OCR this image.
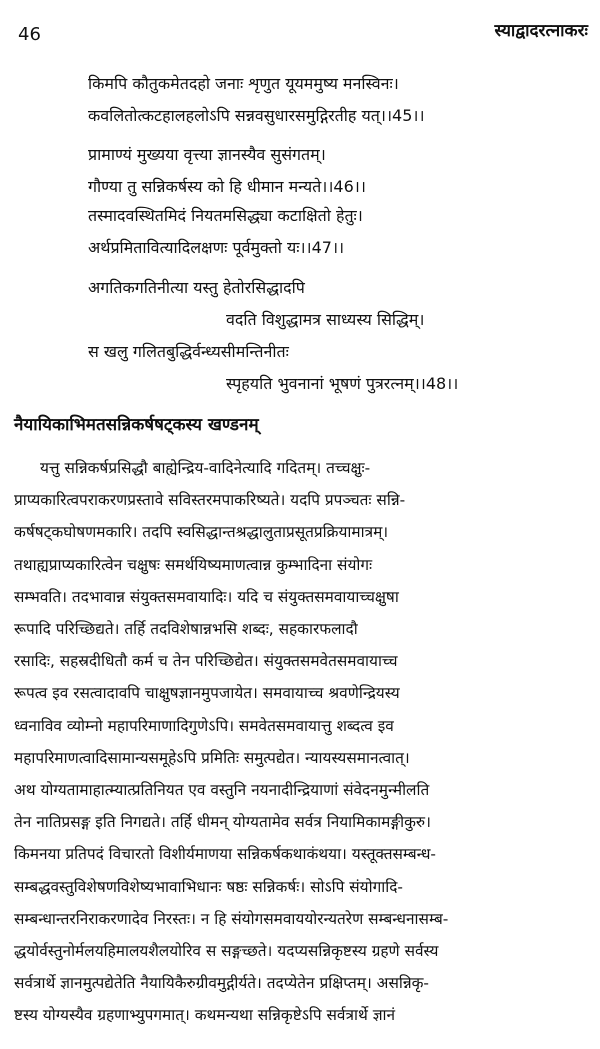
46	स्याद्वादरत्नाकरः
किमपि कौतुकमेतदहो जनाः शृणुत यूयममुष्य मनस्विनः।
कवलितोत्कटहालहलोऽपि सन्नवसुधारसमुद्गिरतीह यत्।।45।।
प्रामाण्यं मुख्यया वृत्त्या ज्ञानस्यैव सुसंगतम्।
गौण्या तु सन्निकर्षस्य को हि धीमान मन्यते।।46।।
तस्मादवस्थितमिदं नियतमसिद्ध्या कटाक्षितो हेतुः।
अर्थप्रमितावित्यादिलक्षणः पूर्वमुक्तो यः।।47।।
अगतिकगतिनीत्या यस्तु हेतोरसिद्धादपि
वदति विशुद्धामत्र साध्यस्य सिद्धिम्।
स खलु गलितबुद्धिर्वन्ध्यसीमन्तिनीतः
स्पृहयति भुवनानां भूषणं पुत्ररत्नम्।।48।।
नैयायिकाभिमतसन्निकर्षषट्कस्य खण्डनम्
यत्तु सन्निकर्षप्रसिद्धौ बाह्येन्द्रिय-वादिनेत्यादि गदितम्। तच्चक्षुः-
प्राप्यकारित्वपराकरणप्रस्तावे सविस्तरमपाकरिष्यते। यदपि प्रपञ्चतः सन्नि-
कर्षषट्कघोषणमकारि। तदपि स्वसिद्धान्तश्रद्धालुताप्रसूतप्रक्रियामात्रम्।
तथाह्यप्राप्यकारित्वेन चक्षुषः समर्थयिष्यमाणत्वान्न कुम्भादिना संयोगः
सम्भवति। तदभावान्न संयुक्तसमवायादिः। यदि च संयुक्तसमवायाच्चक्षुषा
रूपादि परिच्छिद्यते। तर्हि तदविशेषान्नभसि शब्दः, सहकारफलादौ
रसादिः, सहस्रदीधितौ कर्म च तेन परिच्छिद्येत। संयुक्तसमवेतसमवायाच्च
रूपत्व इव रसत्वादावपि चाक्षुषज्ञानमुपजायेत। समवायाच्च श्रवणेन्द्रियस्य
ध्वनाविव व्योम्नो महापरिमाणादिगुणेऽपि। समवेतसमवायात्तु शब्दत्व इव
महापरिमाणत्वादिसामान्यसमूहेऽपि प्रमितिः समुत्पद्येत। न्यायस्यसमानत्वात्।
अथ योग्यतामाहात्म्यात्प्रतिनियत एव वस्तुनि नयनादीन्द्रियाणां संवेदनमुन्मीलति
तेन नातिप्रसङ्ग इति निगद्यते। तर्हि धीमन् योग्यतामेव सर्वत्र नियामिकामङ्गीकुरु।
किमनया प्रतिपदं विचारतो विशीर्यमाणया सन्निकर्षकथाकंथया। यस्तूक्तसम्बन्ध-
सम्बद्धवस्तुविशेषणविशेष्यभावाभिधानः षष्ठः सन्निकर्षः। सोऽपि संयोगादि-
सम्बन्धान्तरनिराकरणादेव निरस्तः। न हि संयोगसमवाययोरन्यतरेण सम्बन्धनासम्ब-
द्धयोर्वस्तुनोर्मलयहिमालयशैलयोरिव स सङ्गच्छते। यदप्यसन्निकृष्टस्य ग्रहणे सर्वस्य
सर्वत्रार्थे ज्ञानमुत्पद्येतेति नैयायिकैरुग्रीवमुद्गीर्यते। तदप्येतेन प्रक्षिप्तम्। असन्निकृ-
ष्टस्य योग्यस्यैव ग्रहणाभ्युपगमात्। कथमन्यथा सन्निकृष्टेऽपि सर्वत्रार्थे ज्ञानं
